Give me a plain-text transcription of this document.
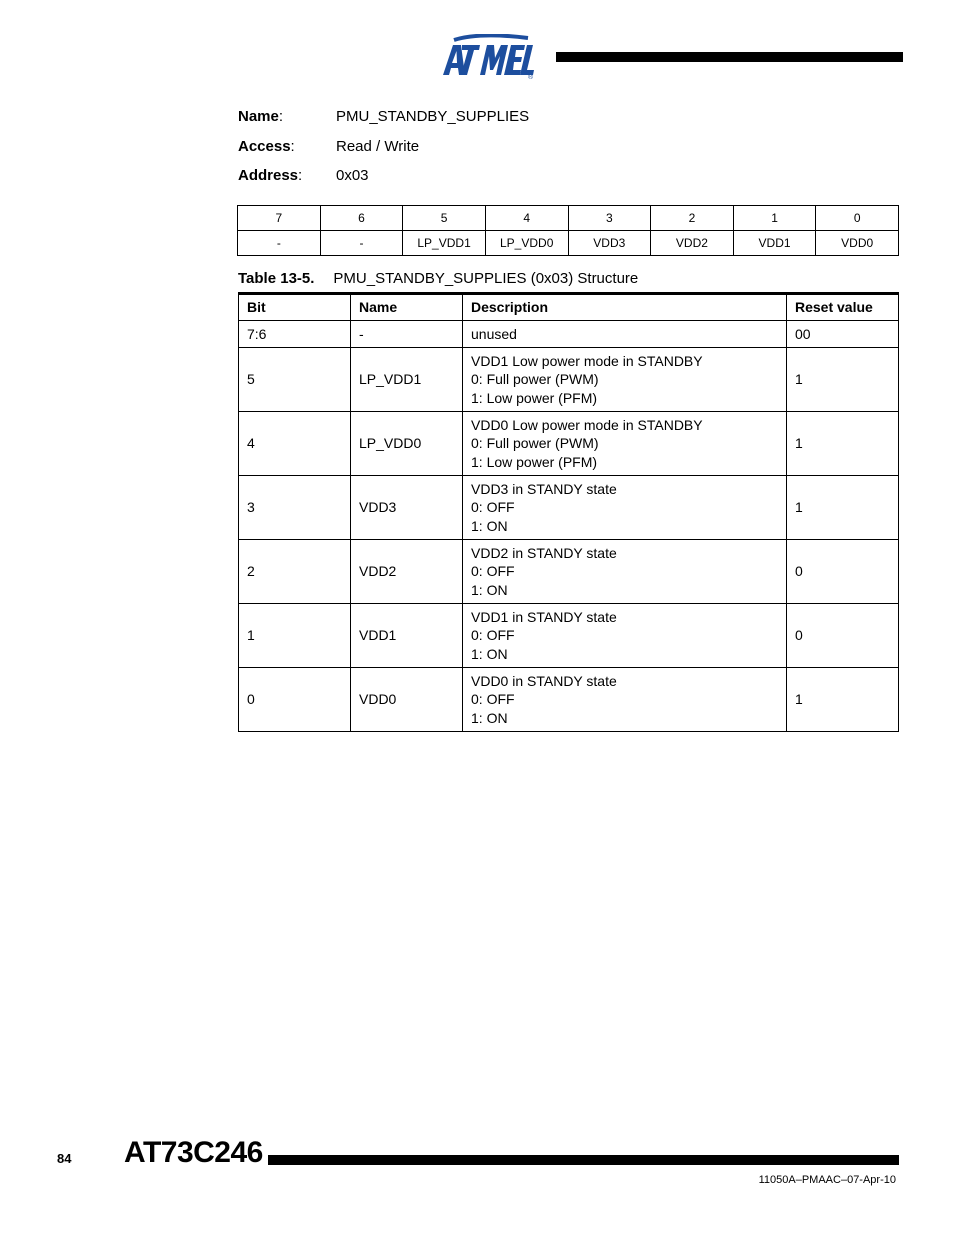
®
Name:	PMU_STANDBY_SUPPLIES
Access:	Read / Write
Address: 0x03
7	6	5	4	3	2	1	0
-	-	LP_VDD1	LP_VDD0	VDD3	VDD2	VDD1	VDD0
Table 13-5. PMU_STANDBY_SUPPLIES (0x03) Structure
Bit	Name	Description	Reset value
7:6	-	unused	00
5	LP_VDD1	VDD1 Low power mode in STANDBY
0: Full power (PWM)
1: Low power (PFM)	1
4	LP_VDD0	VDD0 Low power mode in STANDBY
0: Full power (PWM)
1: Low power (PFM)	1
3	VDD3	VDD3 in STANDY state
0: OFF
1: ON	1
2	VDD2	VDD2 in STANDY state
0: OFF
1: ON	0
1	VDD1	VDD1 in STANDY state
0: OFF
1: ON	0
0	VDD0	VDD0 in STANDY state
0: OFF
1: ON	1
84 AT73C246
11050A–PMAAC–07-Apr-10
